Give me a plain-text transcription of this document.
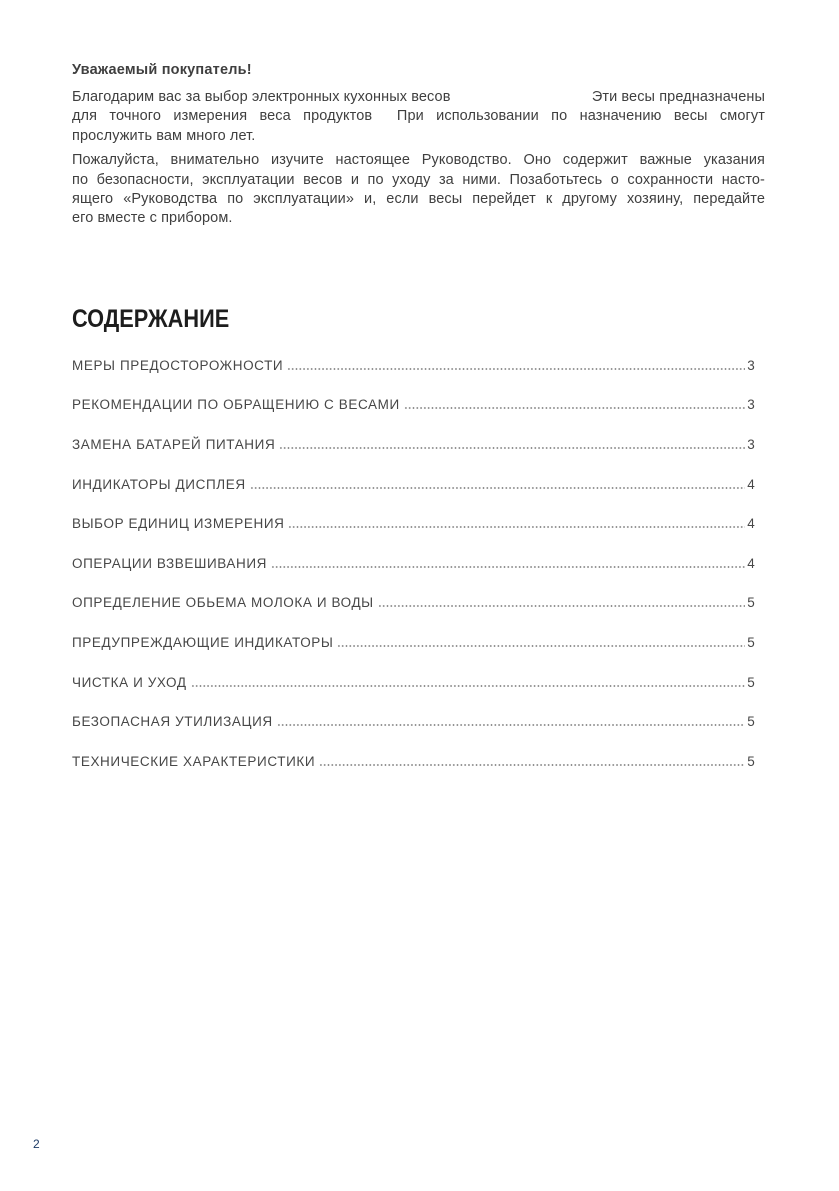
Уважаемый покупатель!

Благодарим вас за выбор электронных кухонных весов	Эти весы предназначены
для точного измерения веса продуктов  При использовании по назначению весы смогут
прослужить вам много лет.
Пожалуйста, внимательно изучите настоящее Руководство. Оно содержит важные указания
по безопасности, эксплуатации весов и по уходу за ними. Позаботьтесь о сохранности насто-
ящего «Руководства по эксплуатации» и, если весы перейдет к другому хозяину, передайте
его вместе с прибором.
СОДЕРЖАНИЕ
МЕРЫ ПРЕДОСТОРОЖНОСТИ	3
РЕКОМЕНДАЦИИ ПО ОБРАЩЕНИЮ С ВЕСАМИ	3
ЗАМЕНА БАТАРЕЙ ПИТАНИЯ	3
ИНДИКАТОРЫ ДИСПЛЕЯ	4
ВЫБОР ЕДИНИЦ ИЗМЕРЕНИЯ	4
ОПЕРАЦИИ ВЗВЕШИВАНИЯ	4
ОПРЕДЕЛЕНИЕ ОБЬЕМА МОЛОКА И ВОДЫ	5
ПРЕДУПРЕЖДАЮЩИЕ ИНДИКАТОРЫ	5
ЧИСТКА И УХОД	5
БЕЗОПАСНАЯ УТИЛИЗАЦИЯ	5
ТЕХНИЧЕСКИЕ ХАРАКТЕРИСТИКИ	5
2
